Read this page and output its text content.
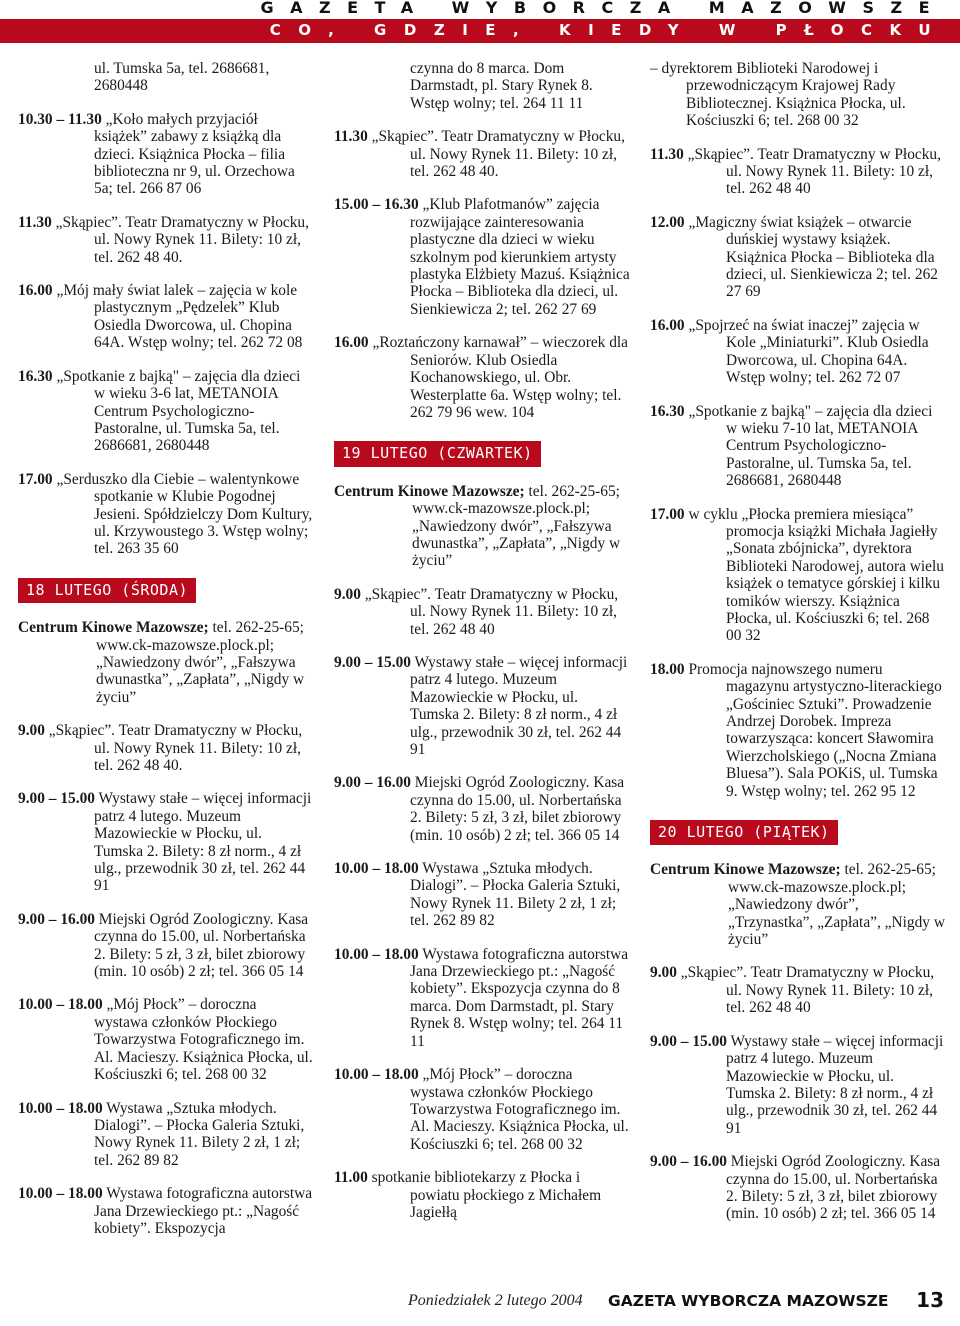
GAZETA WYBORCZA MAZOWSZE
CO, GDZIE, KIEDY W PŁOCKU
ul. Tumska 5a, tel. 2686681, 2680448
10.30 – 11.30 „Koło małych przyjaciół książek” zabawy z książką dla dzieci. Książnica Płocka – filia biblioteczna nr 9, ul. Orzechowa 5a; tel. 266 87 06
11.30 „Skąpiec”. Teatr Dramatyczny w Płocku, ul. Nowy Rynek 11. Bilety: 10 zł, tel. 262 48 40.
16.00 „Mój mały świat lalek – zajęcia w kole plastycznym „Pędzelek” Klub Osiedla Dworcowa, ul. Chopina 64A. Wstęp wolny; tel. 262 72 08
16.30 „Spotkanie z bajką" – zajęcia dla dzieci w wieku 3-6 lat, METANOIA Centrum Psychologiczno-Pastoralne, ul. Tumska 5a, tel. 2686681, 2680448
17.00 „Serduszko dla Ciebie – walentynkowe spotkanie w Klubie Pogodnej Jesieni. Spółdzielczy Dom Kultury, ul. Krzywoustego 3. Wstęp wolny; tel. 263 35 60
18 LUTEGO (ŚRODA)
Centrum Kinowe Mazowsze; tel. 262-25-65; www.ck-mazowsze.plock.pl; „Nawiedzony dwór”, „Fałszywa dwunastka”, „Zapłata”, „Nigdy w życiu”
9.00 „Skąpiec”. Teatr Dramatyczny w Płocku, ul. Nowy Rynek 11. Bilety: 10 zł, tel. 262 48 40.
9.00 – 15.00 Wystawy stałe – więcej informacji patrz 4 lutego. Muzeum Mazowieckie w Płocku, ul. Tumska 2. Bilety: 8 zł norm., 4 zł ulg., przewodnik 30 zł, tel. 262 44 91
9.00 – 16.00 Miejski Ogród Zoologiczny. Kasa czynna do 15.00, ul. Norbertańska 2. Bilety: 5 zł, 3 zł, bilet zbiorowy (min. 10 osób) 2 zł; tel. 366 05 14
10.00 – 18.00 „Mój Płock” – doroczna wystawa członków Płockiego Towarzystwa Fotograficznego im. Al. Macieszy. Książnica Płocka, ul. Kościuszki 6; tel. 268 00 32
10.00 – 18.00 Wystawa „Sztuka młodych. Dialogi”. – Płocka Galeria Sztuki, Nowy Rynek 11. Bilety 2 zł, 1 zł; tel. 262 89 82
10.00 – 18.00 Wystawa fotograficzna autorstwa Jana Drzewieckiego pt.: „Nagość kobiety”. Ekspozycja
czynna do 8 marca. Dom Darmstadt, pl. Stary Rynek 8. Wstęp wolny; tel. 264 11 11
11.30 „Skąpiec”. Teatr Dramatyczny w Płocku, ul. Nowy Rynek 11. Bilety: 10 zł, tel. 262 48 40.
15.00 – 16.30 „Klub Plafotmanów” zajęcia rozwijające zainteresowania plastyczne dla dzieci w wieku szkolnym pod kierunkiem artysty plastyka Elżbiety Mazuś. Książnica Płocka – Biblioteka dla dzieci, ul. Sienkiewicza 2; tel. 262 27 69
16.00 „Roztańczony karnawał” – wieczorek dla Seniorów. Klub Osiedla Kochanowskiego, ul. Obr. Westerplatte 6a. Wstęp wolny; tel. 262 79 96 wew. 104
19 LUTEGO (CZWARTEK)
Centrum Kinowe Mazowsze; tel. 262-25-65; www.ck-mazowsze.plock.pl; „Nawiedzony dwór”, „Fałszywa dwunastka”, „Zapłata”, „Nigdy w życiu”
9.00 „Skąpiec”. Teatr Dramatyczny w Płocku, ul. Nowy Rynek 11. Bilety: 10 zł, tel. 262 48 40
9.00 – 15.00 Wystawy stałe – więcej informacji patrz 4 lutego. Muzeum Mazowieckie w Płocku, ul. Tumska 2. Bilety: 8 zł norm., 4 zł ulg., przewodnik 30 zł, tel. 262 44 91
9.00 – 16.00 Miejski Ogród Zoologiczny. Kasa czynna do 15.00, ul. Norbertańska 2. Bilety: 5 zł, 3 zł, bilet zbiorowy (min. 10 osób) 2 zł; tel. 366 05 14
10.00 – 18.00 Wystawa „Sztuka młodych. Dialogi”. – Płocka Galeria Sztuki, Nowy Rynek 11. Bilety 2 zł, 1 zł; tel. 262 89 82
10.00 – 18.00 Wystawa fotograficzna autorstwa Jana Drzewieckiego pt.: „Nagość kobiety”. Ekspozycja czynna do 8 marca. Dom Darmstadt, pl. Stary Rynek 8. Wstęp wolny; tel. 264 11 11
10.00 – 18.00 „Mój Płock” – doroczna wystawa członków Płockiego Towarzystwa Fotograficznego im. Al. Macieszy. Książnica Płocka, ul. Kościuszki 6; tel. 268 00 32
11.00 spotkanie bibliotekarzy z Płocka i powiatu płockiego z Michałem Jagiełłą
– dyrektorem Biblioteki Narodowej i przewodniczącym Krajowej Rady Bibliotecznej. Książnica Płocka, ul. Kościuszki 6; tel. 268 00 32
11.30 „Skąpiec”. Teatr Dramatyczny w Płocku, ul. Nowy Rynek 11. Bilety: 10 zł, tel. 262 48 40
12.00 „Magiczny świat książek – otwarcie duńskiej wystawy książek. Książnica Płocka – Biblioteka dla dzieci, ul. Sienkiewicza 2; tel. 262 27 69
16.00 „Spojrzeć na świat inaczej” zajęcia w Kole „Miniaturki”. Klub Osiedla Dworcowa, ul. Chopina 64A. Wstęp wolny; tel. 262 72 07
16.30 „Spotkanie z bajką" – zajęcia dla dzieci w wieku 7-10 lat, METANOIA Centrum Psychologiczno-Pastoralne, ul. Tumska 5a, tel. 2686681, 2680448
17.00 w cyklu „Płocka premiera miesiąca” promocja książki Michała Jagiełły „Sonata zbójnicka”, dyrektora Biblioteki Narodowej, autora wielu książek o tematyce górskiej i kilku tomików wierszy. Książnica Płocka, ul. Kościuszki 6; tel. 268 00 32
18.00 Promocja najnowszego numeru magazynu artystyczno-literackiego „Gościniec Sztuki”. Prowadzenie Andrzej Dorobek. Impreza towarzysząca: koncert Sławomira Wierzcholskiego („Nocna Zmiana Bluesa”). Sala POKiS, ul. Tumska 9. Wstęp wolny; tel. 262 95 12
20 LUTEGO (PIĄTEK)
Centrum Kinowe Mazowsze; tel. 262-25-65; www.ck-mazowsze.plock.pl; „Nawiedzony dwór”, „Trzynastka”, „Zapłata”, „Nigdy w życiu”
9.00 „Skąpiec”. Teatr Dramatyczny w Płocku, ul. Nowy Rynek 11. Bilety: 10 zł, tel. 262 48 40
9.00 – 15.00 Wystawy stałe – więcej informacji patrz 4 lutego. Muzeum Mazowieckie w Płocku, ul. Tumska 2. Bilety: 8 zł norm., 4 zł ulg., przewodnik 30 zł, tel. 262 44 91
9.00 – 16.00 Miejski Ogród Zoologiczny. Kasa czynna do 15.00, ul. Norbertańska 2. Bilety: 5 zł, 3 zł, bilet zbiorowy (min. 10 osób) 2 zł; tel. 366 05 14
Poniedziałek 2 lutego 2004 GAZETA WYBORCZA MAZOWSZE 13
